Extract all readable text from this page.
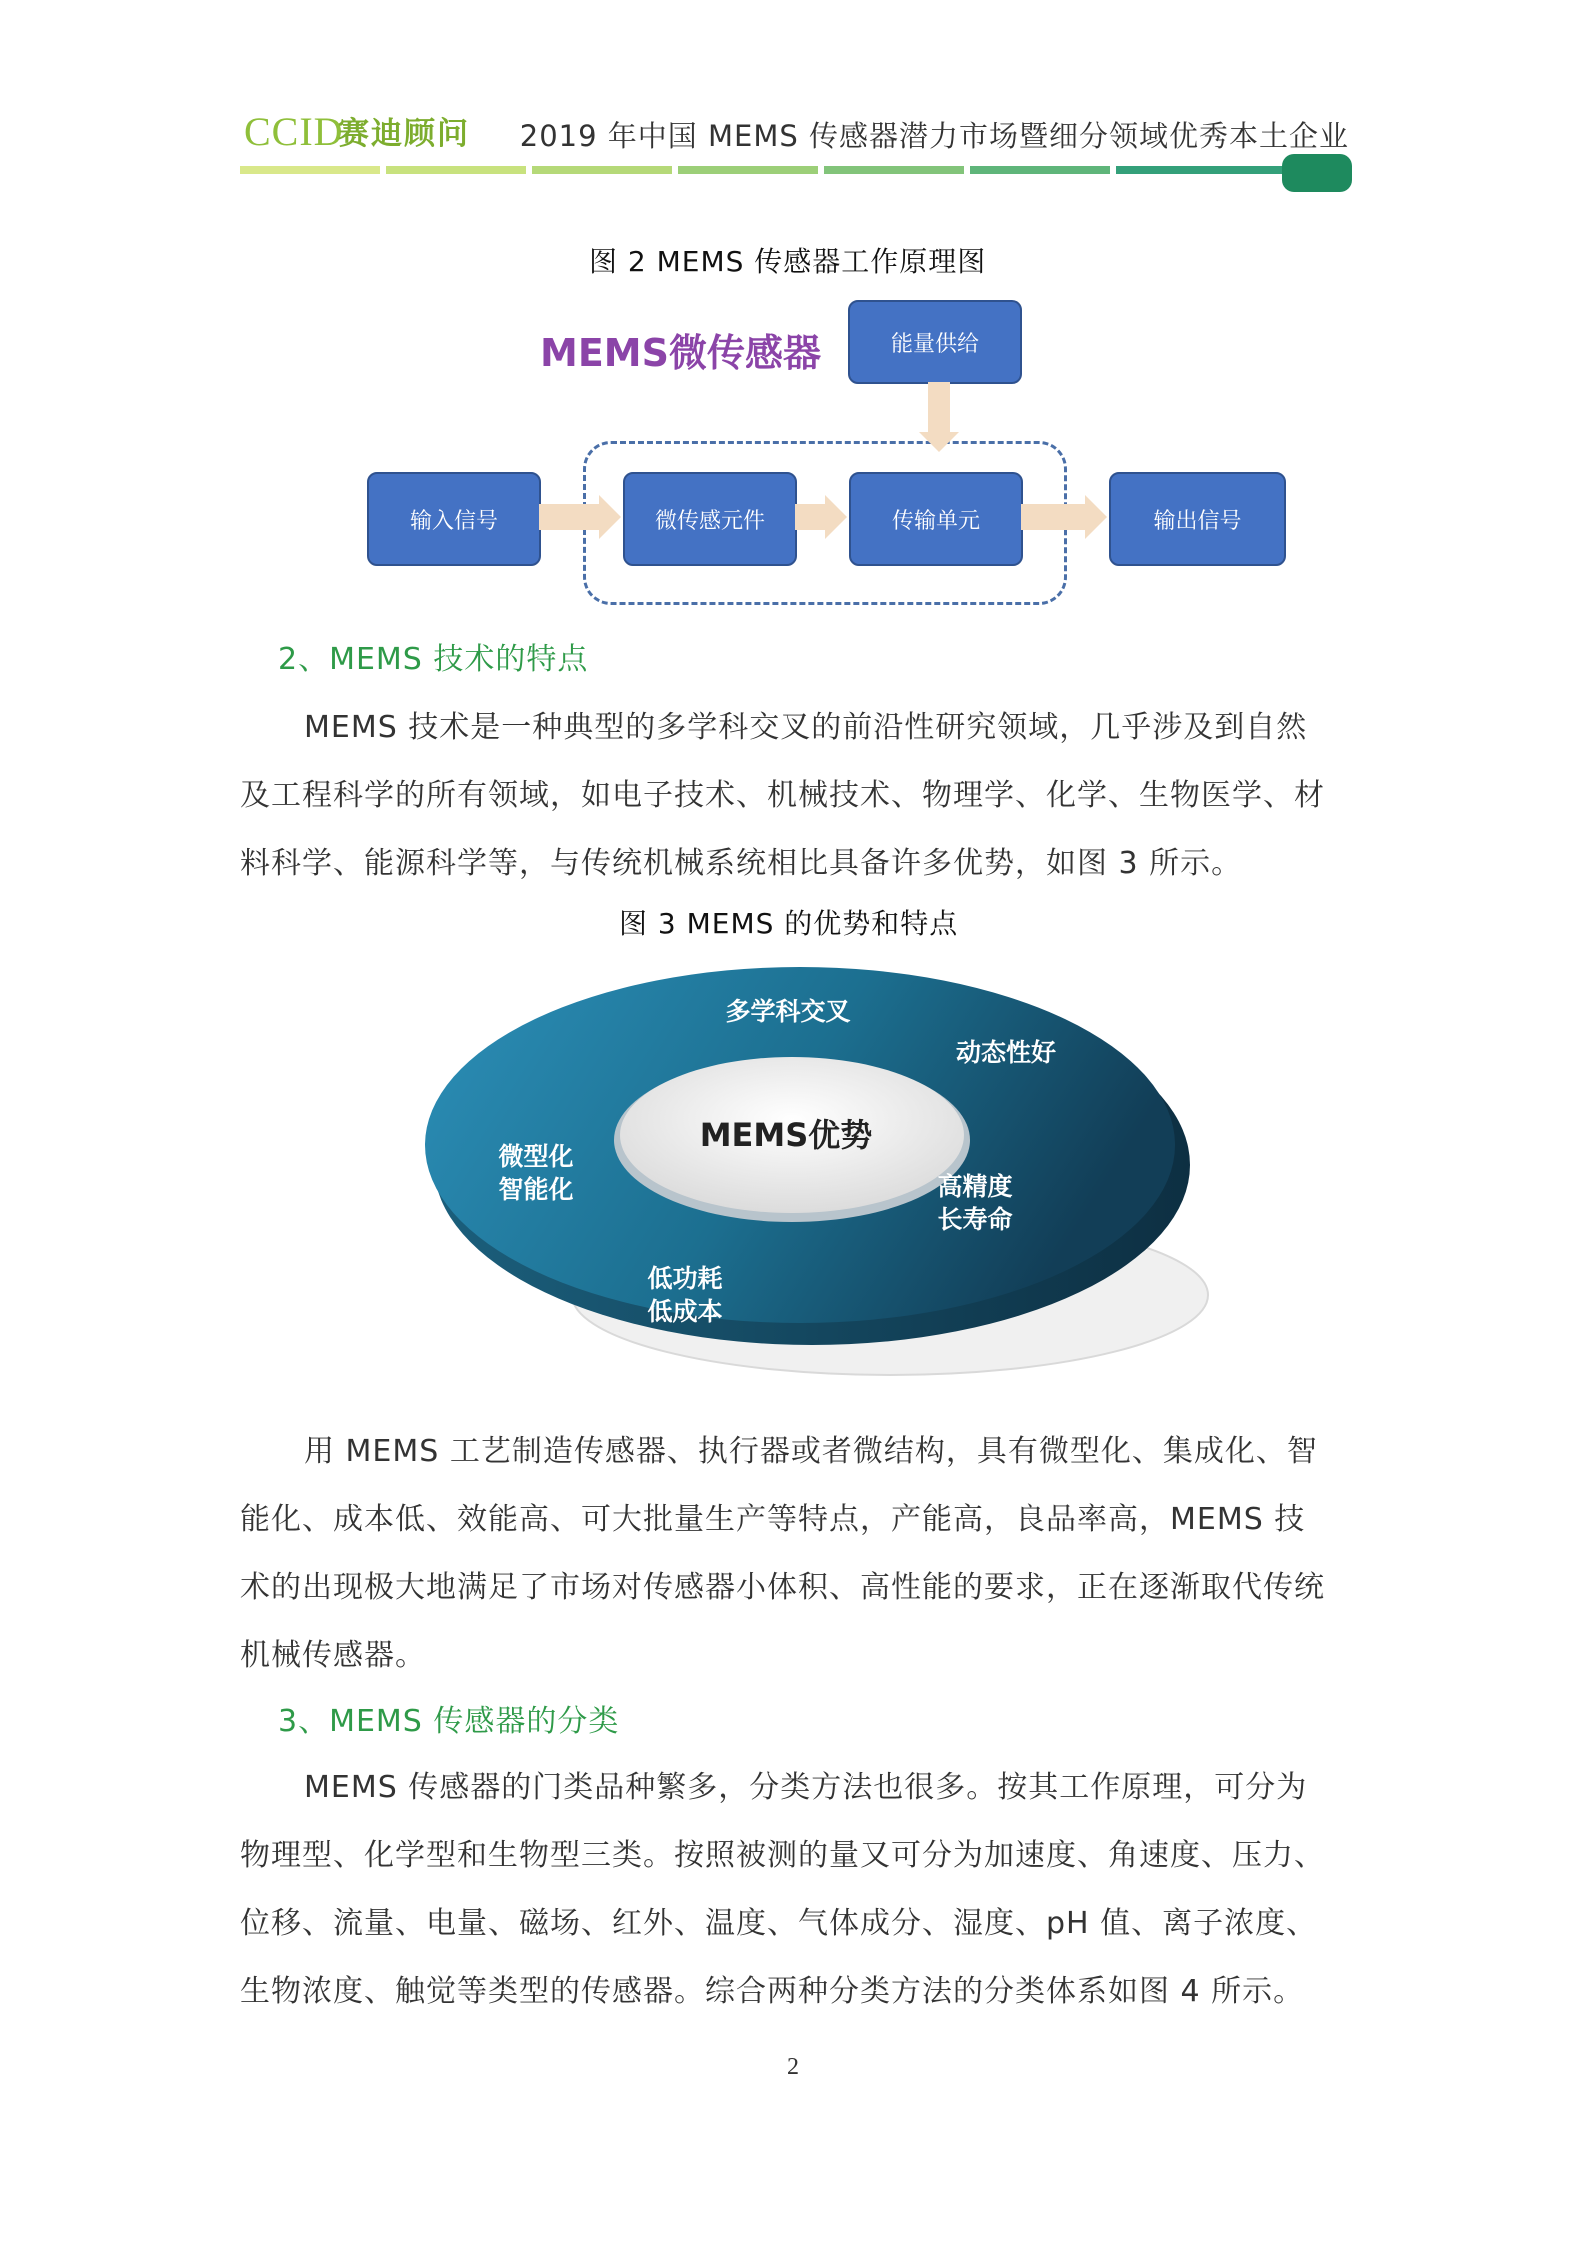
CCID
赛迪顾问 2019 年中国 MEMS 传感器潜力市场暨细分领域优秀本土企业
图 2 MEMS 传感器工作原理图
MEMS微传感器	能量供给
输入信号	微传感元件	传输单元	输出信号
2、MEMS 技术的特点
MEMS 技术是一种典型的多学科交叉的前沿性研究领域，几乎涉及到自然
及工程科学的所有领域，如电子技术、机械技术、物理学、化学、生物医学、材
料科学、能源科学等，与传统机械系统相比具备许多优势，如图 3 所示。
图 3 MEMS 的优势和特点
MEMS优势
多学科交叉
动态性好
高精度
长寿命
低功耗
低成本
微型化
智能化
用 MEMS 工艺制造传感器、执行器或者微结构，具有微型化、集成化、智
能化、成本低、效能高、可大批量生产等特点，产能高，良品率高，MEMS 技
术的出现极大地满足了市场对传感器小体积、高性能的要求，正在逐渐取代传统
机械传感器。
3、MEMS 传感器的分类
MEMS 传感器的门类品种繁多，分类方法也很多。按其工作原理，可分为
物理型、化学型和生物型三类。按照被测的量又可分为加速度、角速度、压力、
位移、流量、电量、磁场、红外、温度、气体成分、湿度、pH 值、离子浓度、
生物浓度、触觉等类型的传感器。综合两种分类方法的分类体系如图 4 所示。
2
